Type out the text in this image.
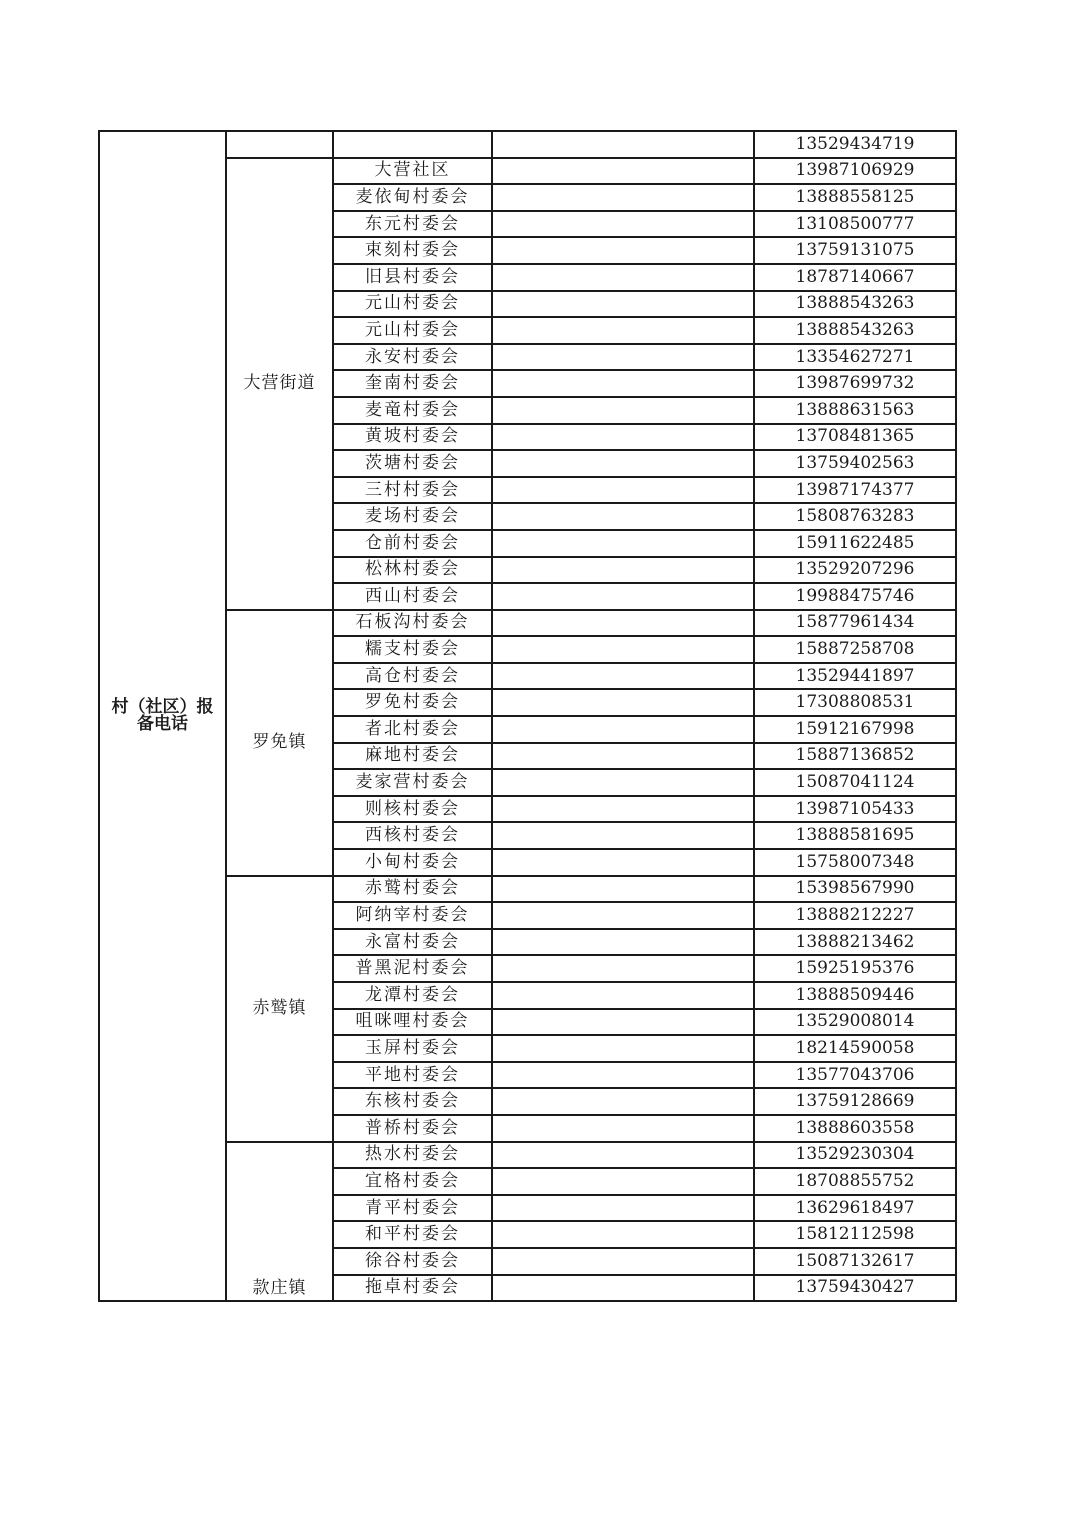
村（社区）报
备电话				13529434719
	大营街道	大营社区		13987106929
		麦依甸村委会		13888558125
		东元村委会		13108500777
		束刻村委会		13759131075
		旧县村委会		18787140667
		元山村委会		13888543263
		元山村委会		13888543263
		永安村委会		13354627271
		奎南村委会		13987699732
		麦竜村委会		13888631563
		黄坡村委会		13708481365
		茨塘村委会		13759402563
		三村村委会		13987174377
		麦场村委会		15808763283
		仓前村委会		15911622485
		松林村委会		13529207296
		西山村委会		19988475746
	罗免镇	石板沟村委会		15877961434
		糯支村委会		15887258708
		高仓村委会		13529441897
		罗免村委会		17308808531
		者北村委会		15912167998
		麻地村委会		15887136852
		麦家营村委会		15087041124
		则核村委会		13987105433
		西核村委会		13888581695
		小甸村委会		15758007348
	赤鹫镇	赤鹫村委会		15398567990
		阿纳宰村委会		13888212227
		永富村委会		13888213462
		普黑泥村委会		15925195376
		龙潭村委会		13888509446
		咀咪哩村委会		13529008014
		玉屏村委会		18214590058
		平地村委会		13577043706
		东核村委会		13759128669
		普桥村委会		13888603558
	款庄镇	热水村委会		13529230304
		宜格村委会		18708855752
		青平村委会		13629618497
		和平村委会		15812112598
		徐谷村委会		15087132617
		拖卓村委会		13759430427
